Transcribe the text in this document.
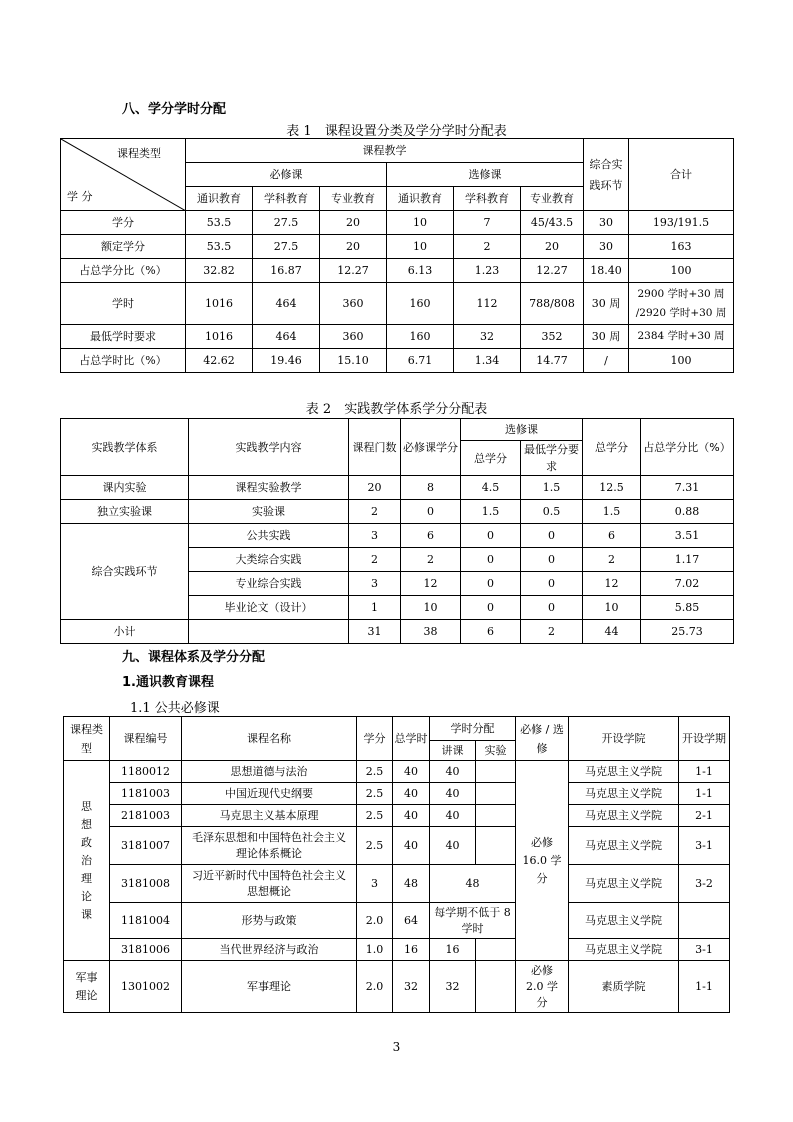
八、学分学时分配
表 1　课程设置分类及学分学时分配表
课程类型
学 分	课程教学						综合实践环节	合计
	必修课			选修课				
	通识教育	学科教育	专业教育	通识教育	学科教育	专业教育		
学分	53.5	27.5	20	10	7	45/43.5	30	193/191.5
额定学分	53.5	27.5	20	10	2	20	30	163
占总学分比（%）	32.82	16.87	12.27	6.13	1.23	12.27	18.40	100
学时	1016	464	360	160	112	788/808	30 周	2900 学时+30 周 /2920 学时+30 周
最低学时要求	1016	464	360	160	32	352	30 周	2384 学时+30 周
占总学时比（%）	42.62	19.46	15.10	6.71	1.34	14.77	/	100
表 2　实践教学体系学分分配表
实践教学体系	实践教学内容	课程门数	必修课学分	选修课		总学分	占总学分比（%）
				总学分	最低学分要求		
课内实验	课程实验教学	20	8	4.5	1.5	12.5	7.31
独立实验课	实验课	2	0	1.5	0.5	1.5	0.88
综合实践环节	公共实践	3	6	0	0	6	3.51
	大类综合实践	2	2	0	0	2	1.17
	专业综合实践	3	12	0	0	12	7.02
	毕业论文（设计）	1	10	0	0	10	5.85
小计		31	38	6	2	44	25.73
九、课程体系及学分分配
1.通识教育课程
1.1 公共必修课
课程类型	课程编号	课程名称	学分	总学时	学时分配		必修 / 选修	开设学院	开设学期
					讲课	实验			
思想政治理论课	1180012	思想道德与法治	2.5	40	40		必修 16.0 学分	马克思主义学院	1-1
	1181003	中国近现代史纲要	2.5	40	40			马克思主义学院	1-1
	2181003	马克思主义基本原理	2.5	40	40			马克思主义学院	2-1
	3181007	毛泽东思想和中国特色社会主义理论体系概论	2.5	40	40			马克思主义学院	3-1
	3181008	习近平新时代中国特色社会主义思想概论	3	48	48			马克思主义学院	3-2
	1181004	形势与政策	2.0	64	每学期不低于 8 学时			马克思主义学院	
	3181006	当代世界经济与政治	1.0	16	16			马克思主义学院	3-1
军事理论	1301002	军事理论	2.0	32	32		必修 2.0 学分	素质学院	1-1
3
